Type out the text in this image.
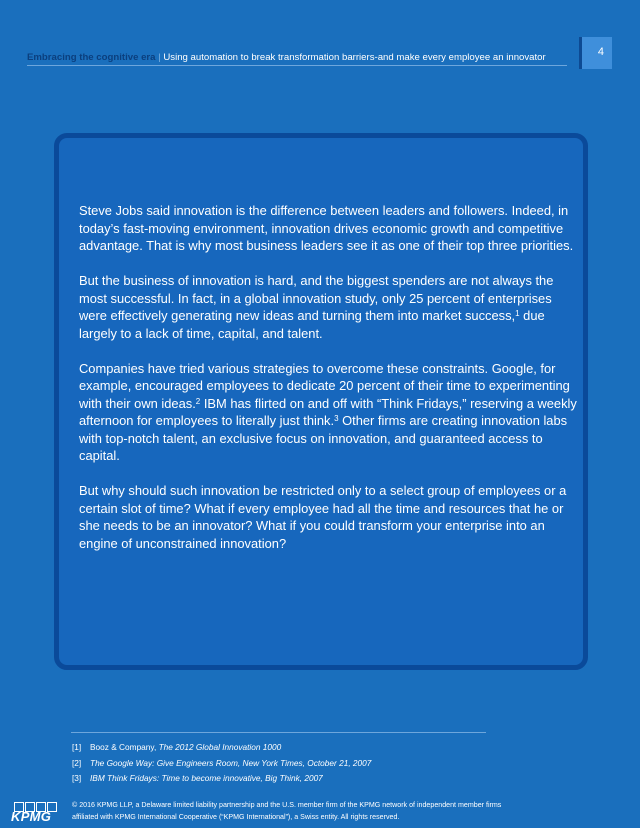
Embracing the cognitive era | Using automation to break transformation barriers-and make every employee an innovator	4

Steve Jobs said innovation is the difference between leaders and followers. Indeed, in today’s fast-moving environment, innovation drives economic growth and competitive advantage. That is why most business leaders see it as one of their top three priorities.

But the business of innovation is hard, and the biggest spenders are not always the most successful. In fact, in a global innovation study, only 25 percent of enterprises were effectively generating new ideas and turning them into market success,$^1$ due largely to a lack of time, capital, and talent.

Companies have tried various strategies to overcome these constraints. Google, for example, encouraged employees to dedicate 20 percent of their time to experimenting with their own ideas.$^2$ IBM has flirted on and off with “Think Fridays,” reserving a weekly afternoon for employees to literally just think.$^3$ Other firms are creating innovation labs with top-notch talent, an exclusive focus on innovation, and guaranteed access to capital.

But why should such innovation be restricted only to a select group of employees or a certain slot of time? What if every employee had all the time and resources that he or she needs to be an innovator? What if you could transform your enterprise into an engine of unconstrained innovation?

[1] Booz & Company, The 2012 Global Innovation 1000
[2] The Google Way: Give Engineers Room, New York Times, October 21, 2007
[3] IBM Think Fridays: Time to become innovative, Big Think, 2007
KPMG
© 2016 KPMG LLP, a Delaware limited liability partnership and the U.S. member firm of the KPMG network of independent member firms affiliated with KPMG International Cooperative (“KPMG International”), a Swiss entity. All rights reserved.
